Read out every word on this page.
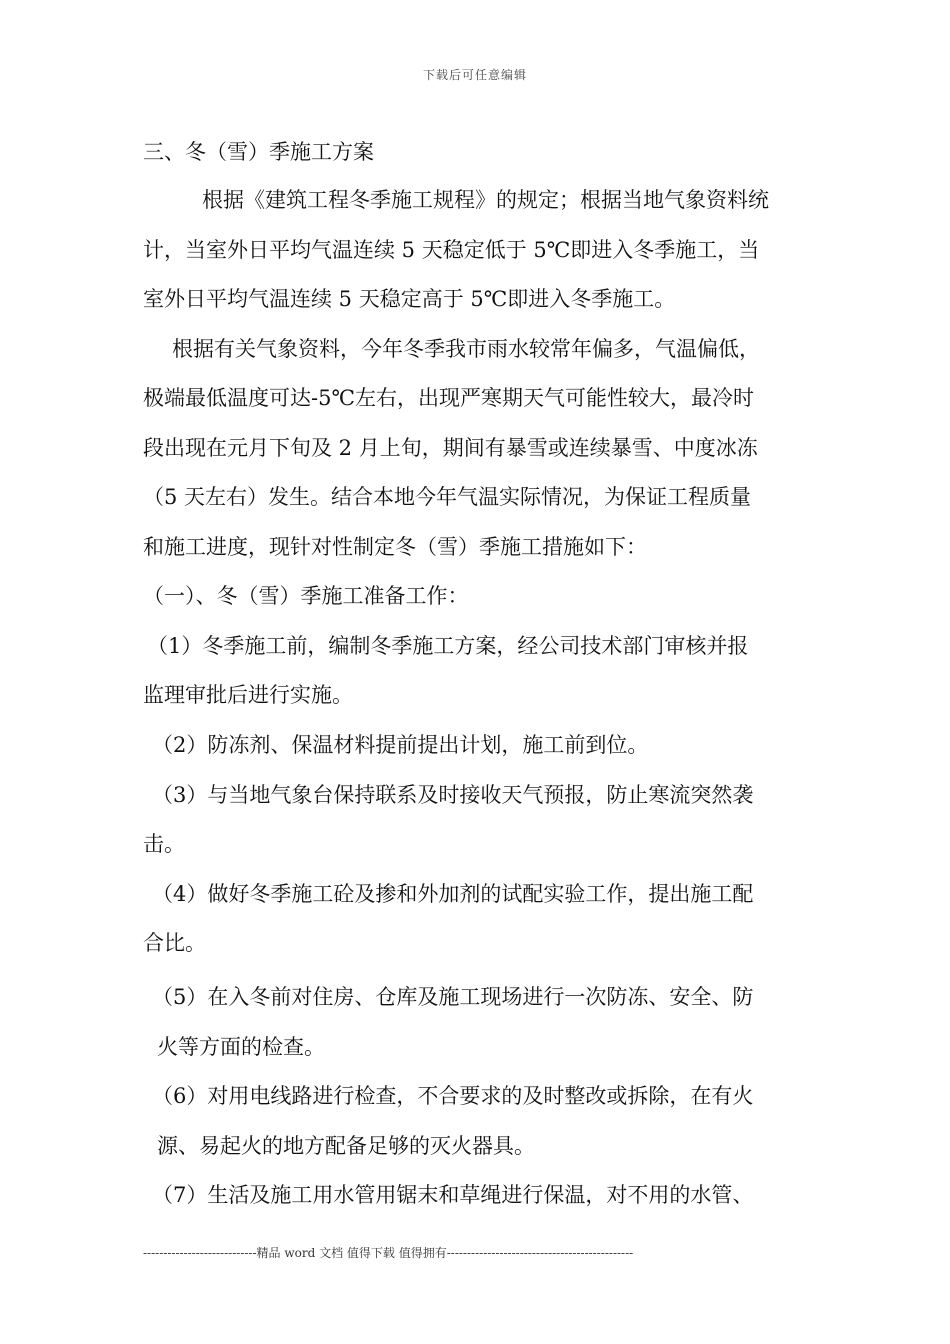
下载后可任意编辑
三、冬（雪）季施工方案
根据《建筑工程冬季施工规程》的规定；根据当地气象资料统
计，当室外日平均气温连续 5 天稳定低于 5℃即进入冬季施工，当
室外日平均气温连续 5 天稳定高于 5℃即进入冬季施工。
根据有关气象资料，今年冬季我市雨水较常年偏多，气温偏低，
极端最低温度可达-5℃左右，出现严寒期天气可能性较大，最冷时
段出现在元月下旬及 2 月上旬，期间有暴雪或连续暴雪、中度冰冻
（5 天左右）发生。结合本地今年气温实际情况，为保证工程质量
和施工进度，现针对性制定冬（雪）季施工措施如下：
（一）、冬（雪）季施工准备工作：
（1）冬季施工前，编制冬季施工方案，经公司技术部门审核并报
监理审批后进行实施。
（2）防冻剂、保温材料提前提出计划，施工前到位。
（3）与当地气象台保持联系及时接收天气预报，防止寒流突然袭
击。
（4）做好冬季施工砼及掺和外加剂的试配实验工作，提出施工配
合比。
（5）在入冬前对住房、仓库及施工现场进行一次防冻、安全、防
火等方面的检查。
（6）对用电线路进行检查，不合要求的及时整改或拆除，在有火
源、易起火的地方配备足够的灭火器具。
（7）生活及施工用水管用锯末和草绳进行保温，对不用的水管、
----------------------------精品 word 文档 值得下载 值得拥有----------------------------------------------
